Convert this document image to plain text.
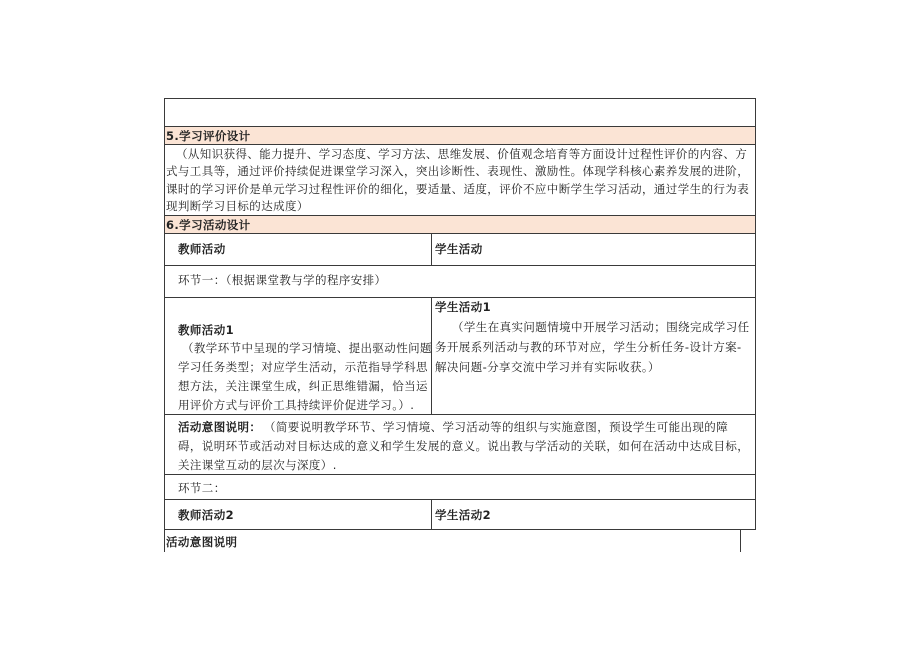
5.学习评价设计
（从知识获得、能力提升、学习态度、学习方法、思维发展、价值观念培育等方面设计过程性评价的内容、方
式与工具等，通过评价持续促进课堂学习深入，突出诊断性、表现性、激励性。体现学科核心素养发展的进阶，
课时的学习评价是单元学习过程性评价的细化，要适量、适度，评价不应中断学生学习活动，通过学生的行为表
现判断学习目标的达成度）
6.学习活动设计
教师活动	学生活动
环节一：（根据课堂教与学的程序安排）
教师活动1
（教学环节中呈现的学习情境、提出驱动性问题
学习任务类型；对应学生活动，示范指导学科思
想方法，关注课堂生成，纠正思维错漏，恰当运
用评价方式与评价工具持续评价促进学习。）.
学生活动1
（学生在真实问题情境中开展学习活动；围绕完成学习任
务开展系列活动与教的环节对应，学生分析任务-设计方案-
解决问题-分享交流中学习并有实际收获。）
活动意图说明： （简要说明教学环节、学习情境、学习活动等的组织与实施意图，预设学生可能出现的障
碍，说明环节或活动对目标达成的意义和学生发展的意义。说出教与学活动的关联，如何在活动中达成目标，
关注课堂互动的层次与深度）.
环节二：
教师活动2	学生活动2
活动意图说明
